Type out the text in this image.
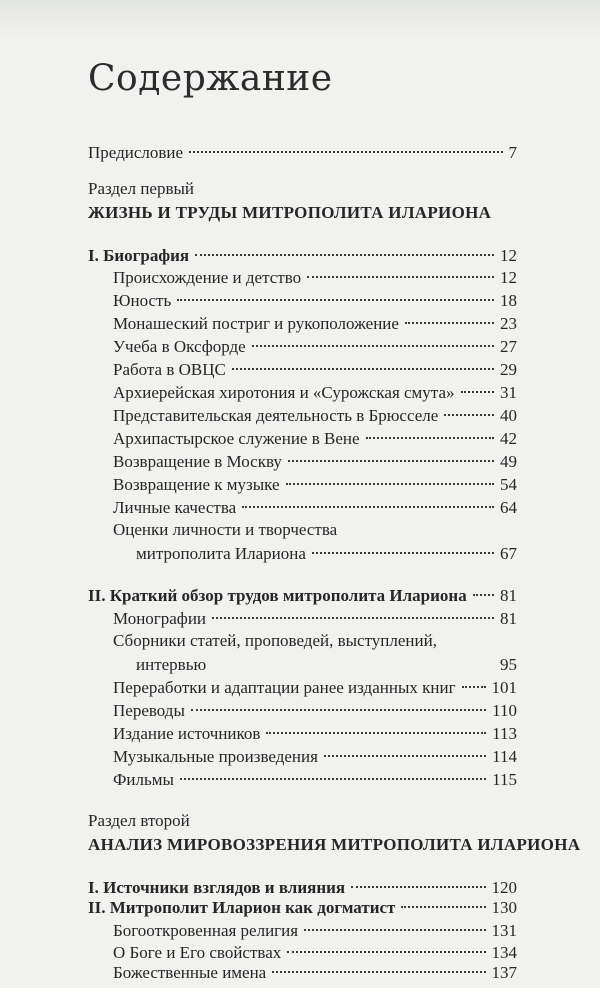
Содержание
Предисловие	7
Раздел первый
ЖИЗНЬ И ТРУДЫ МИТРОПОЛИТА ИЛАРИОНА
I. Биография	12
Происхождение и детство	12
Юность	18
Монашеский постриг и рукоположение	23
Учеба в Оксфорде	27
Работа в ОВЦС	29
Архиерейская хиротония и «Сурожская смута»	31
Представительская деятельность в Брюсселе	40
Архипастырское служение в Вене	42
Возвращение в Москву	49
Возвращение к музыке	54
Личные качества	64
Оценки личности и творчества
митрополита Илариона	67
II. Краткий обзор трудов митрополита Илариона 81
Монографии	81
Сборники статей, проповедей, выступлений,
интервью	95
Переработки и адаптации ранее изданных книг 101
Переводы	110
Издание источников	113
Музыкальные произведения	114
Фильмы	115
Раздел второй
АНАЛИЗ МИРОВОЗЗРЕНИЯ МИТРОПОЛИТА ИЛАРИОНА
I. Источники взглядов и влияния	120
II. Митрополит Иларион как догматист	130
Богооткровенная религия	131
О Боге и Его свойствах	134
Божественные имена	137
